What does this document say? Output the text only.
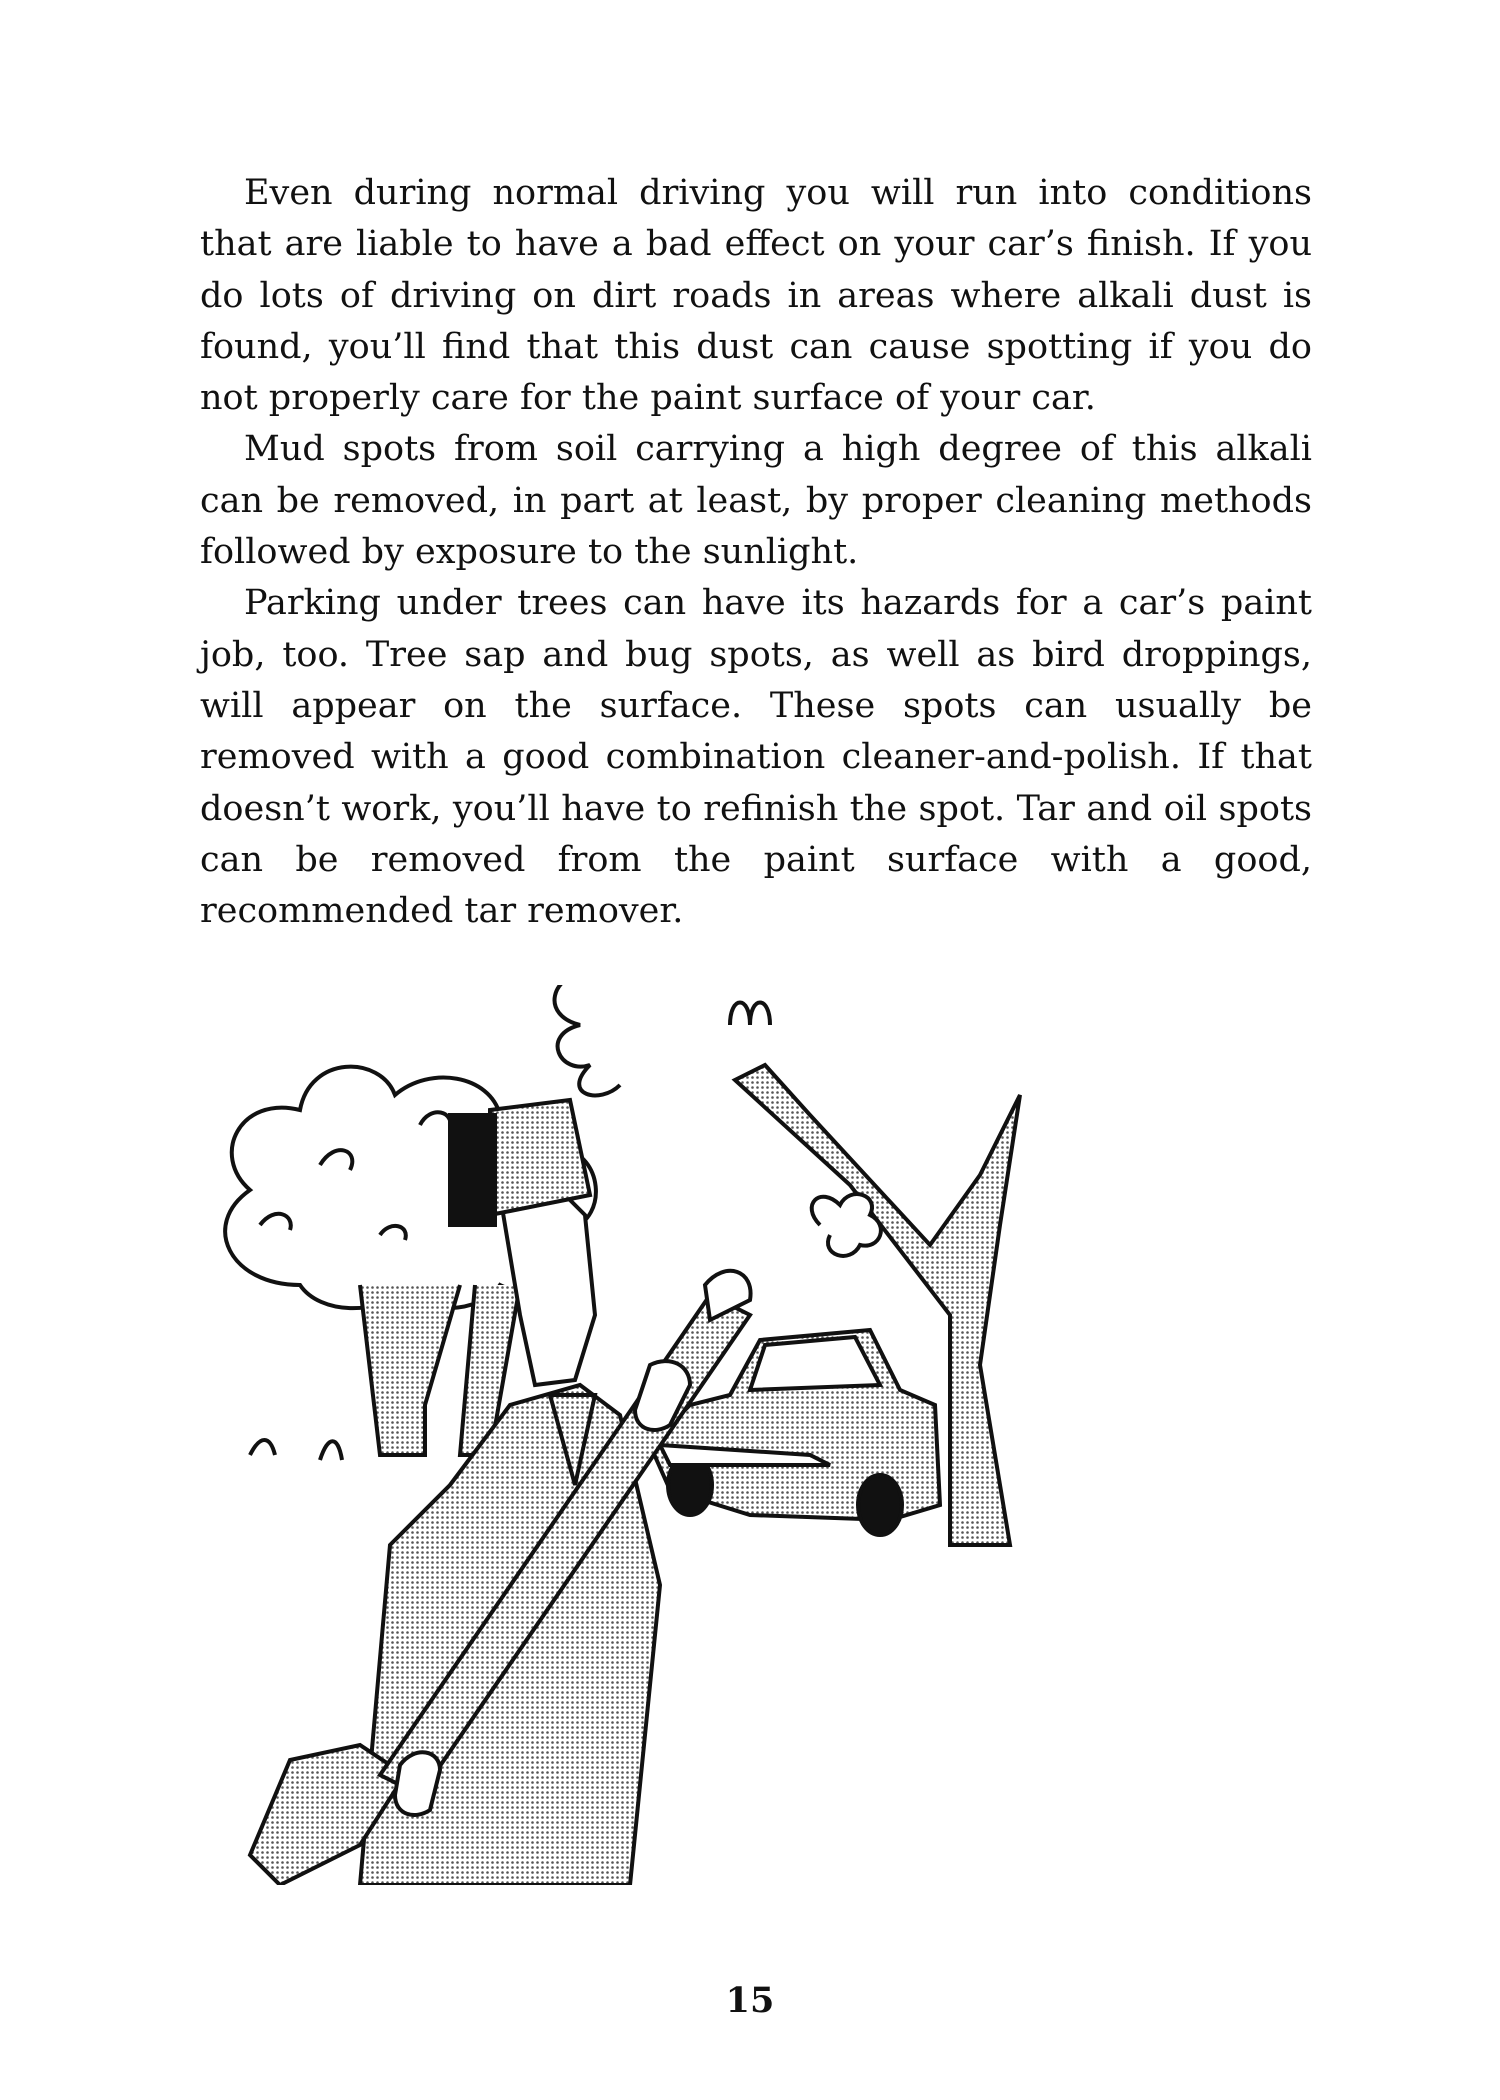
Even during normal driving you will run into conditions that are liable to have a bad effect on your car’s finish. If you do lots of driving on dirt roads in areas where alkali dust is found, you’ll find that this dust can cause spotting if you do not properly care for the paint surface of your car.

Mud spots from soil carrying a high degree of this alkali can be removed, in part at least, by proper cleaning methods followed by exposure to the sunlight.

Parking under trees can have its hazards for a car’s paint job, too. Tree sap and bug spots, as well as bird droppings, will appear on the surface. These spots can usually be removed with a good combination cleaner-and-polish. If that doesn’t work, you’ll have to refinish the spot. Tar and oil spots can be removed from the paint surface with a good, recommended tar remover.

15
